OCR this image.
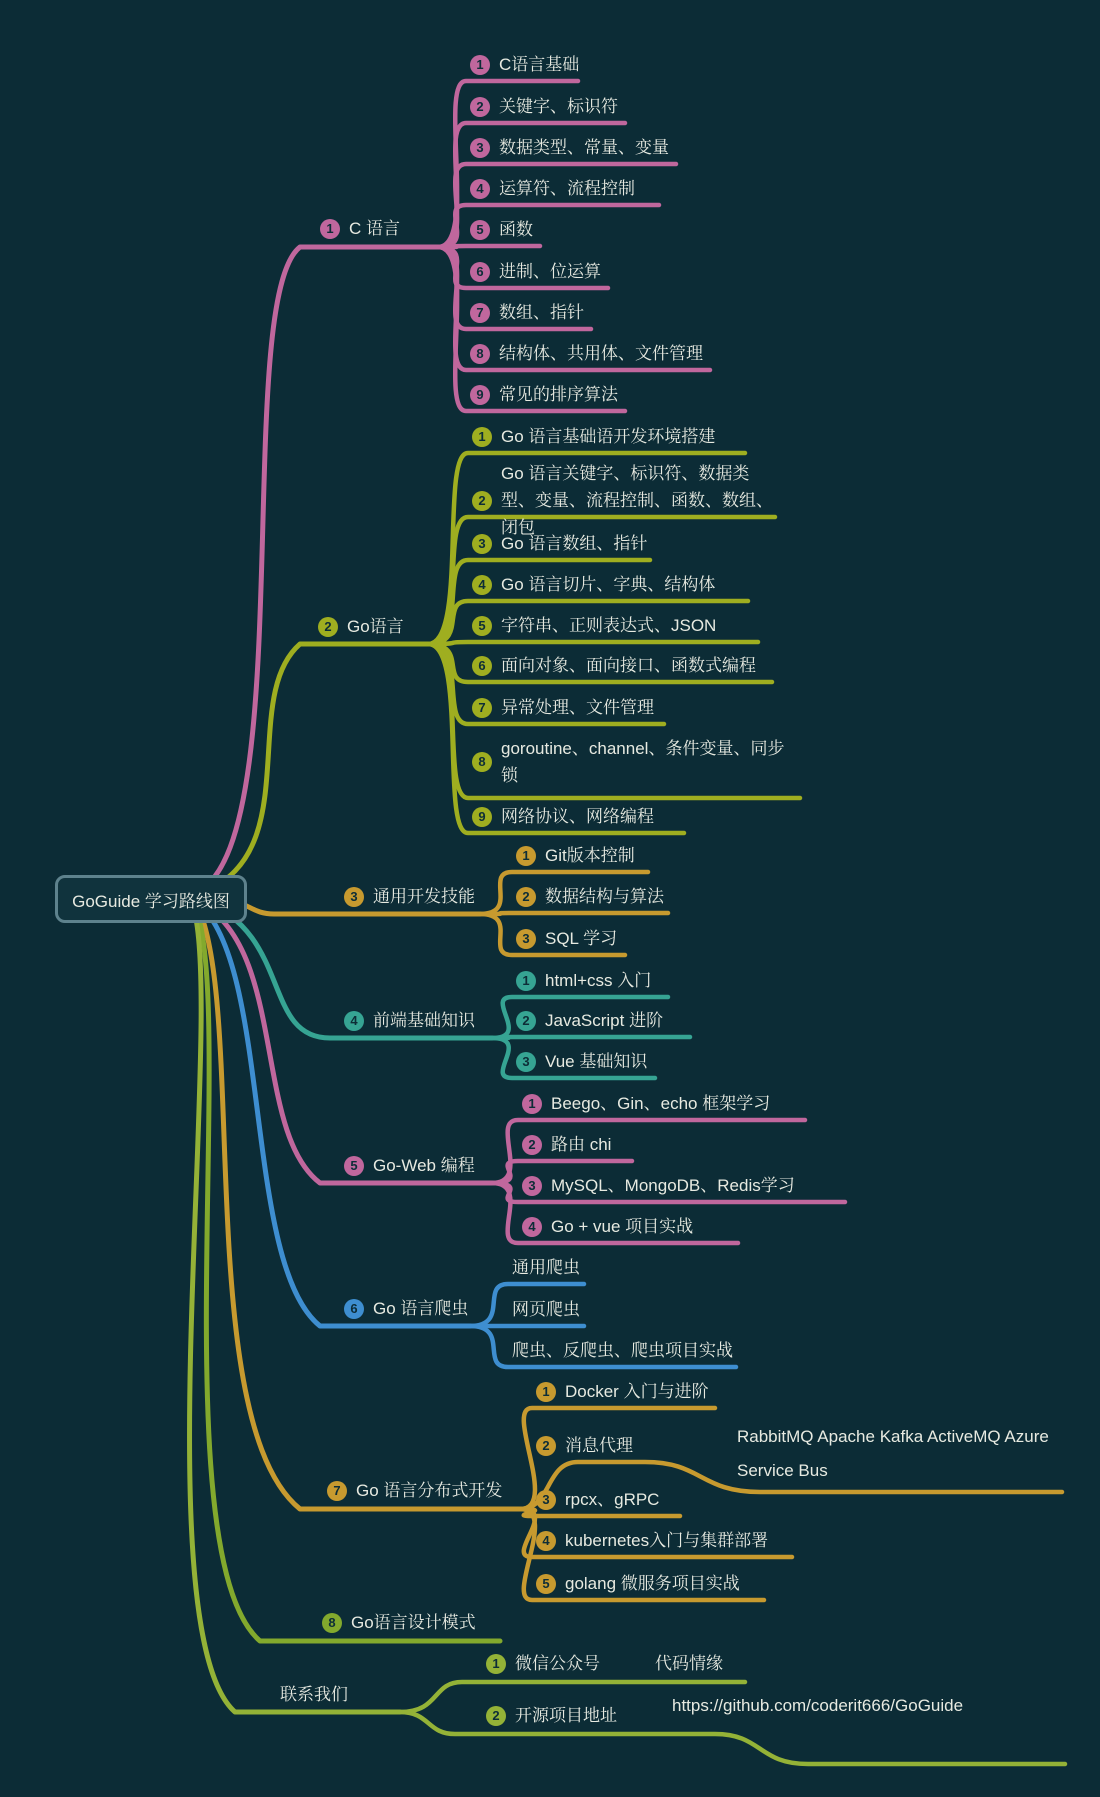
GoGuide 学习路线图
1 C 语言
2 Go语言
3 通用开发技能
4 前端基础知识
5 Go-Web 编程
6 Go 语言爬虫
7 Go 语言分布式开发
8 Go语言设计模式
联系我们
1 C语言基础
2 关键字、标识符
3 数据类型、常量、变量
4 运算符、流程控制
5 函数
6 进制、位运算
7 数组、指针
8 结构体、共用体、文件管理
9 常见的排序算法
1 Go 语言基础语开发环境搭建
2
Go 语言关键字、标识符、数据类型、变量、流程控制、函数、数组、闭包
3 Go 语言数组、指针
4 Go 语言切片、字典、结构体
5 字符串、正则表达式、JSON
6 面向对象、面向接口、函数式编程
7 异常处理、文件管理
8
goroutine、channel、条件变量、同步锁
9 网络协议、网络编程
1 Git版本控制
2 数据结构与算法
3 SQL 学习
1 html+css 入门
2 JavaScript 进阶
3 Vue 基础知识
1 Beego、Gin、echo 框架学习
2 路由 chi
3 MySQL、MongoDB、Redis学习
4 Go + vue 项目实战
通用爬虫
网页爬虫
爬虫、反爬虫、爬虫项目实战
1 Docker 入门与进阶
2 消息代理	RabbitMQ Apache Kafka ActiveMQ Azure Service Bus
3 rpcx、gRPC
4 kubernetes入门与集群部署
5 golang 微服务项目实战
1 微信公众号	代码情缘
2 开源项目地址
https://github.com/coderit666/GoGuide
